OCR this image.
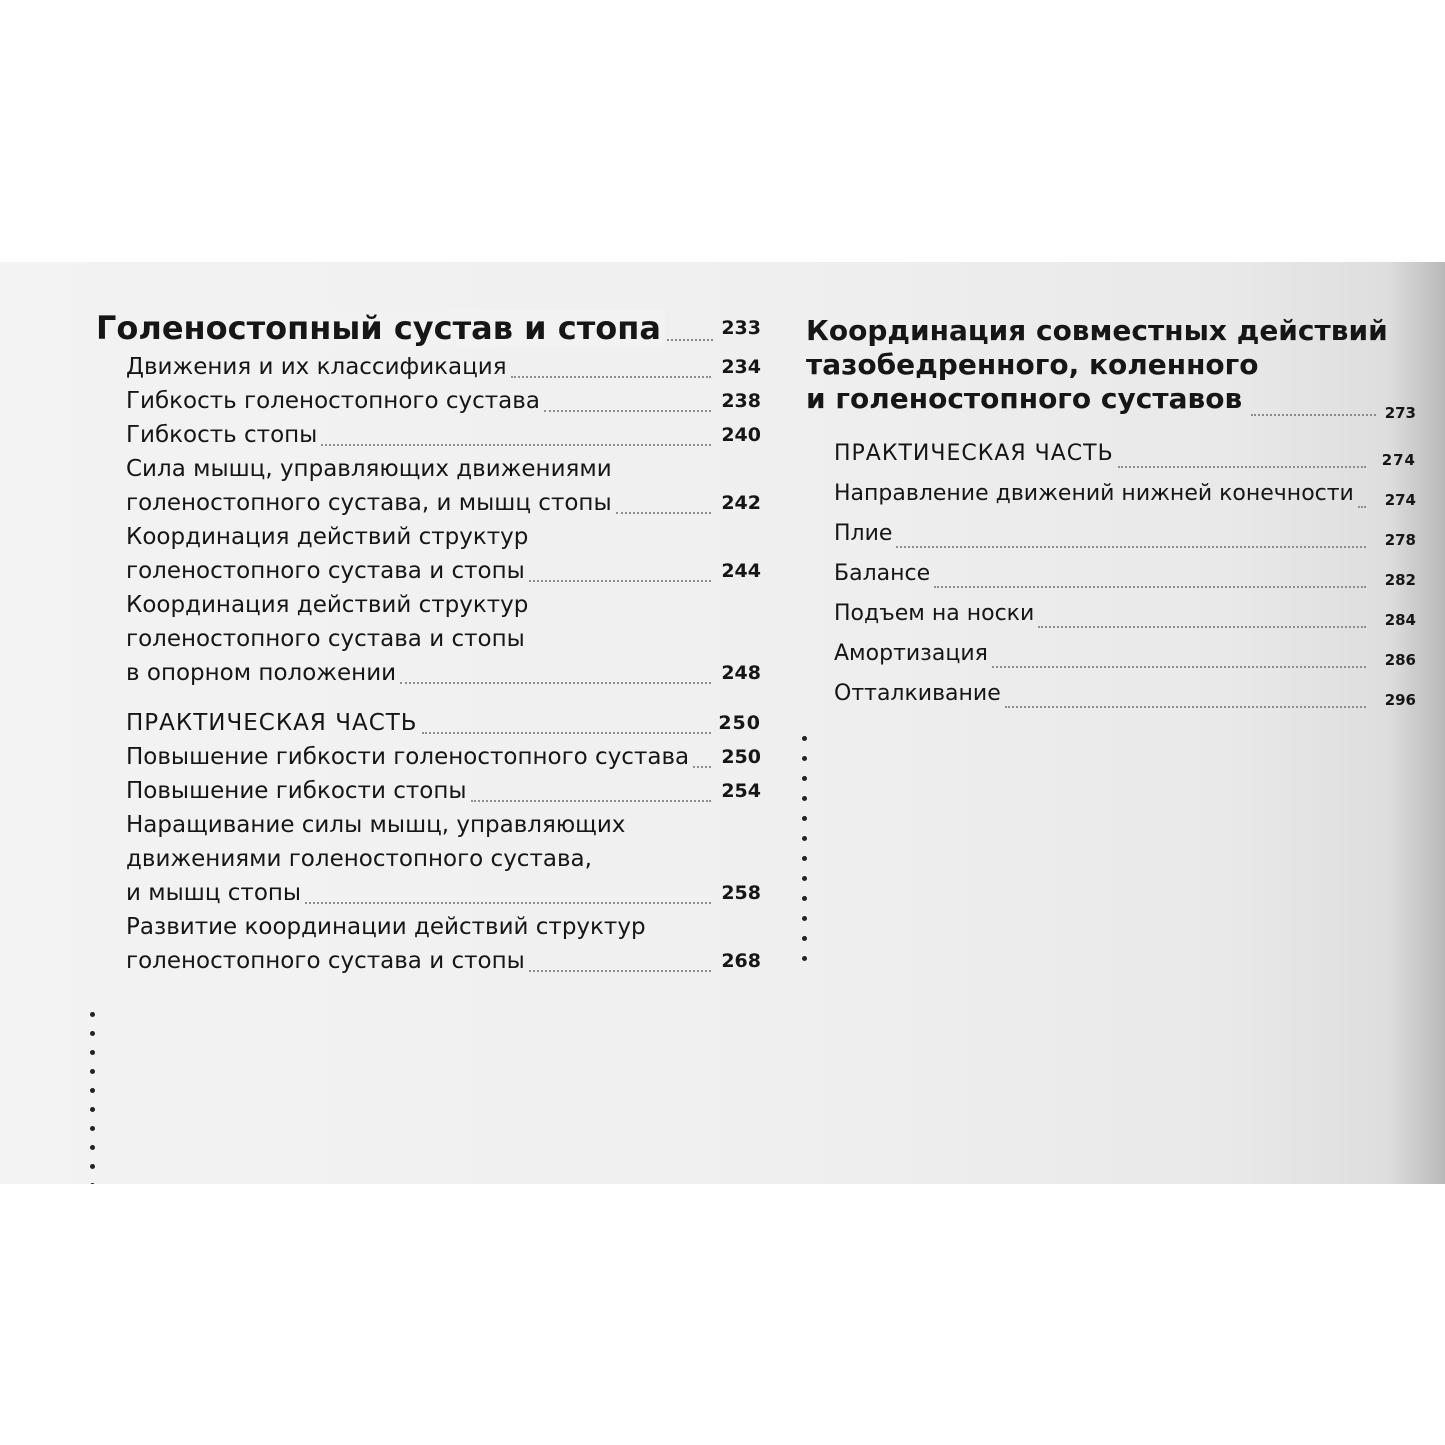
Голеностопный сустав и стопа	233
Движения и их классификация	234
Гибкость голеностопного сустава	238
Гибкость стопы	240
Сила мышц, управляющих движениями
голеностопного сустава, и мышц стопы	242
Координация действий структур
голеностопного сустава и стопы	244
Координация действий структур
голеностопного сустава и стопы
в опорном положении	248
ПРАКТИЧЕСКАЯ ЧАСТЬ	250
Повышение гибкости голеностопного сустава 250
Повышение гибкости стопы	254
Наращивание силы мышц, управляющих
движениями голеностопного сустава,
и мышц стопы	258
Развитие координации действий структур
голеностопного сустава и стопы	268
Координация совместных действий
тазобедренного, коленного
и голеностопного суставов	273
ПРАКТИЧЕСКАЯ ЧАСТЬ	274
Направление движений нижней конечности 274
Плие	278
Балансе	282
Подъем на носки	284
Амортизация	286
Отталкивание	296
